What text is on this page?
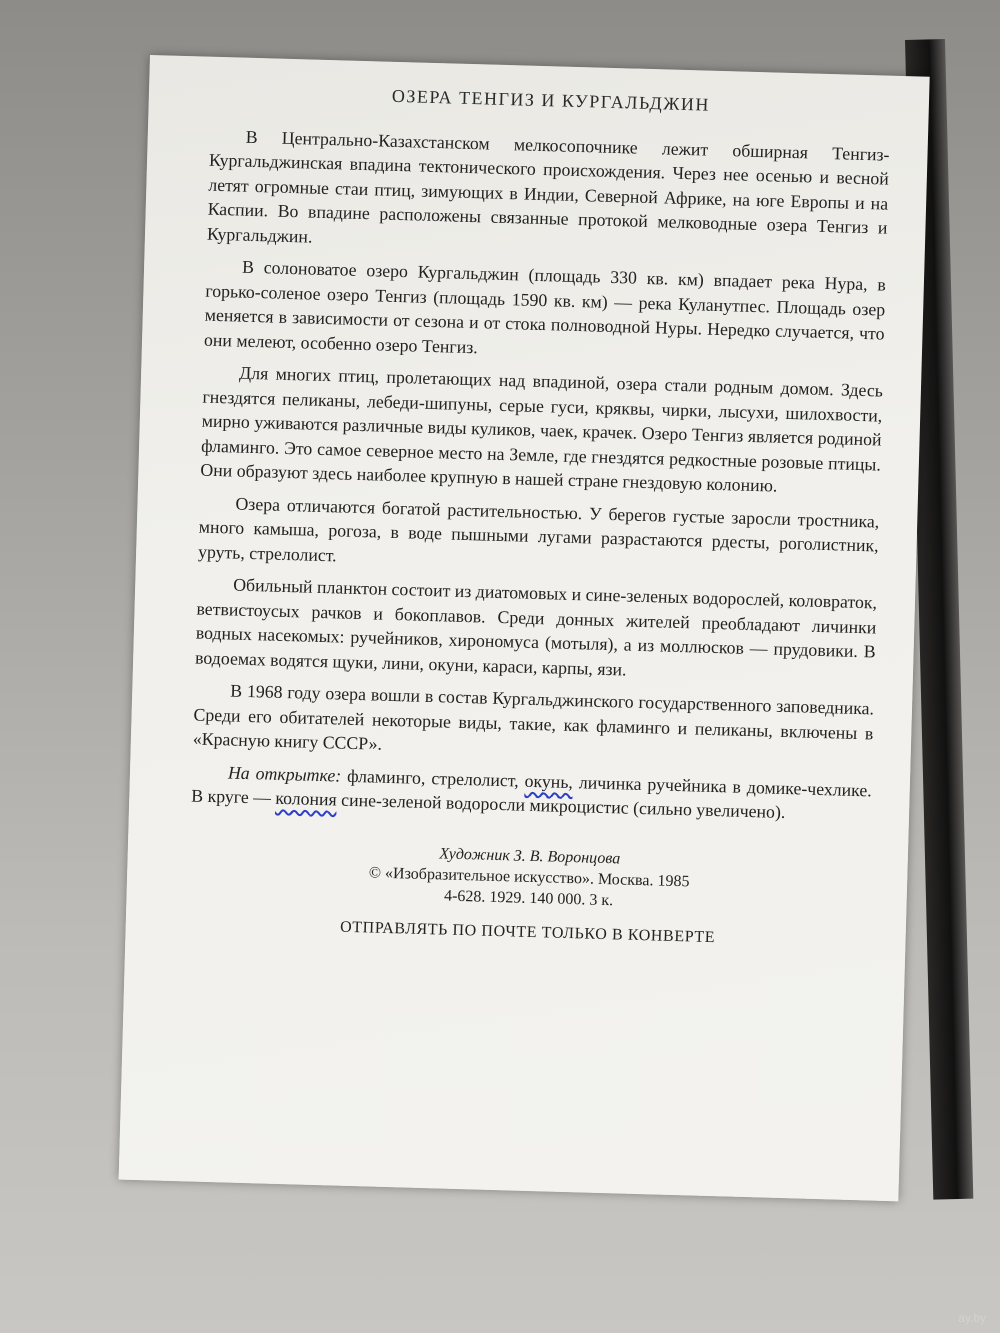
ОЗЕРА ТЕНГИЗ И КУРГАЛЬДЖИН

В Центрально-Казахстанском мелкосопочнике лежит обширная Тенгиз-Кургальджинская впадина тектонического происхождения. Через нее осенью и весной летят огромные стаи птиц, зимующих в Индии, Северной Африке, на юге Европы и на Каспии. Во впадине расположены связанные протокой мелководные озера Тенгиз и Кургальджин.

В солоноватое озеро Кургальджин (площадь 330 кв. км) впадает река Нура, в горько-соленое озеро Тенгиз (площадь 1590 кв. км) — река Куланутпес. Площадь озер меняется в зависимости от сезона и от стока полноводной Нуры. Нередко случается, что они мелеют, особенно озеро Тенгиз.

Для многих птиц, пролетающих над впадиной, озера стали родным домом. Здесь гнездятся пеликаны, лебеди-шипуны, серые гуси, кряквы, чирки, лысухи, шилохвости, мирно уживаются различные виды куликов, чаек, крачек. Озеро Тенгиз является родиной фламинго. Это самое северное место на Земле, где гнездятся редкостные розовые птицы. Они образуют здесь наиболее крупную в нашей стране гнездовую колонию.

Озера отличаются богатой растительностью. У берегов густые заросли тростника, много камыша, рогоза, в воде пышными лугами разрастаются рдесты, роголистник, уруть, стрелолист.

Обильный планктон состоит из диатомовых и сине-зеленых водорослей, коловраток, ветвистоусых рачков и бокоплавов. Среди донных жителей преобладают личинки водных насекомых: ручейников, хирономуса (мотыля), а из моллюсков — прудовики. В водоемах водятся щуки, лини, окуни, караси, карпы, язи.

В 1968 году озера вошли в состав Кургальджинского государственного заповедника. Среди его обитателей некоторые виды, такие, как фламинго и пеликаны, включены в «Красную книгу СССР».

На открытке: фламинго, стрелолист, окунь, личинка ручейника в домике-чехлике. В круге — колония сине-зеленой водоросли микроцистис (сильно увеличено).

Художник З. В. Воронцова
© «Изобразительное искусство». Москва. 1985
4-628. 1929. 140 000. 3 к.
ОТПРАВЛЯТЬ ПО ПОЧТЕ ТОЛЬКО В КОНВЕРТЕ
ay.by
